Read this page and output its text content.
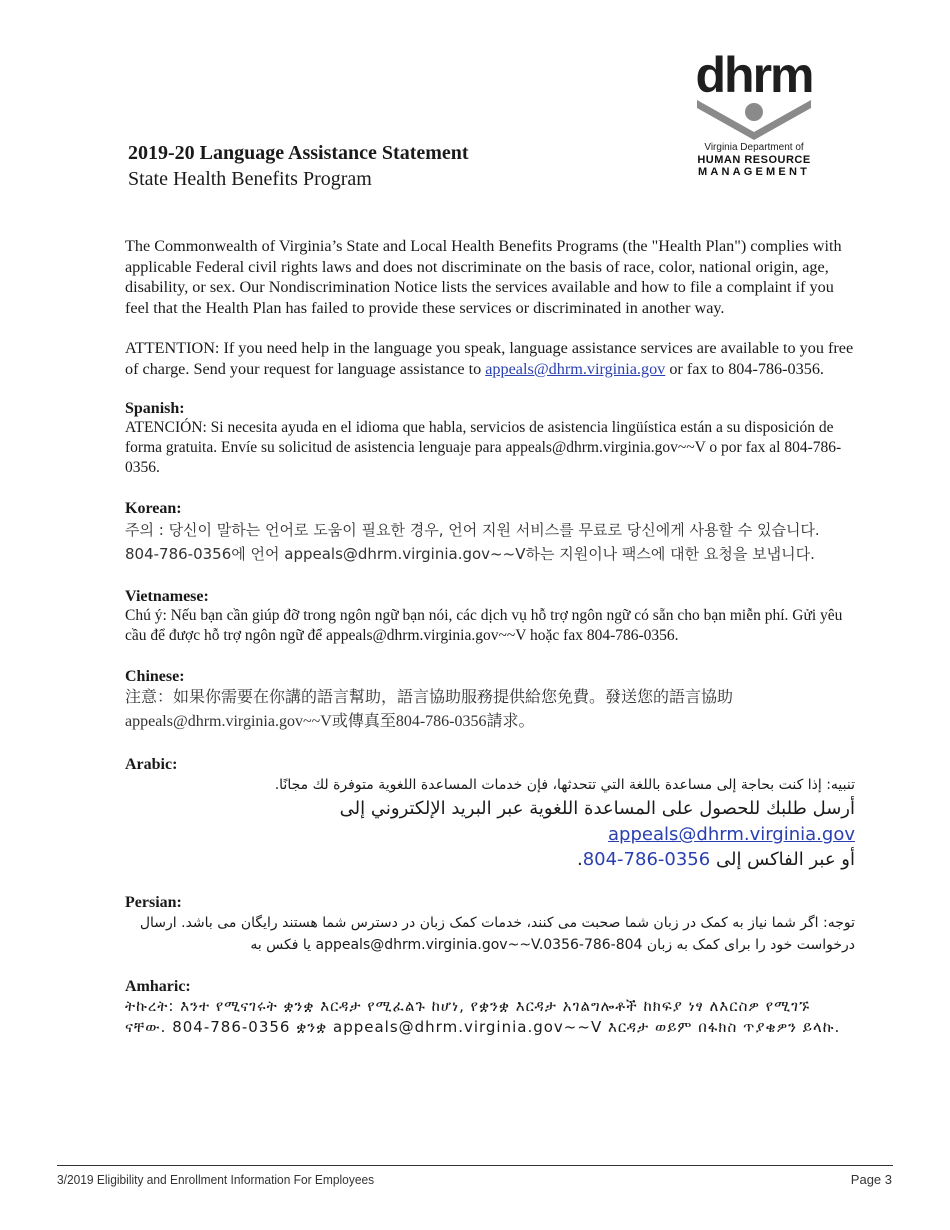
dhrm
Virginia Department of
HUMAN RESOURCE
MANAGEMENT
2019-20 Language Assistance Statement
State Health Benefits Program

The Commonwealth of Virginia’s State and Local Health Benefits Programs (the "Health Plan") complies with applicable Federal civil rights laws and does not discriminate on the basis of race, color, national origin, age, disability, or sex. Our Nondiscrimination Notice lists the services available and how to file a complaint if you feel that the Health Plan has failed to provide these services or discriminated in another way.

ATTENTION: If you need help in the language you speak, language assistance services are available to you free of charge. Send your request for language assistance to appeals@dhrm.virginia.gov or fax to 804-786-0356.

Spanish:

ATENCIÓN: Si necesita ayuda en el idioma que habla, servicios de asistencia lingüística están a su disposición de forma gratuita. Envíe su solicitud de asistencia lenguaje para appeals@dhrm.virginia.gov~~V o por fax al 804-786-0356.

Korean:

주의 : 당신이 말하는 언어로 도움이 필요한 경우, 언어 지원 서비스를 무료로 당신에게 사용할 수 있습니다. 804-786-0356에 언어 appeals@dhrm.virginia.gov~~V하는 지원이나 팩스에 대한 요청을 보냅니다.

Vietnamese:

Chú ý: Nếu bạn cần giúp đỡ trong ngôn ngữ bạn nói, các dịch vụ hỗ trợ ngôn ngữ có sẵn cho bạn miễn phí. Gửi yêu cầu để được hỗ trợ ngôn ngữ để appeals@dhrm.virginia.gov~~V hoặc fax 804-786-0356.

Chinese:

注意：如果你需要在你講的語言幫助，語言協助服務提供給您免費。發送您的語言協助appeals@dhrm.virginia.gov~~V或傳真至804-786-0356請求。

Arabic:

تنبيه: إذا كنت بحاجة إلى مساعدة باللغة التي تتحدثها، فإن خدمات المساعدة اللغوية متوفرة لك مجانًا.

أرسل طلبك للحصول على المساعدة اللغوية عبر البريد الإلكتروني إلى appeals@dhrm.virginia.gov

أو عبر الفاكس إلى 804-786-0356.

Persian:

توجه: اگر شما نیاز به کمک در زبان شما صحبت می کنند، خدمات کمک زبان در دسترس شما هستند رایگان می باشد. ارسال

درخواست خود را برای کمک به زبان appeals@dhrm.virginia.gov~~V.0356-786-804 یا فکس به

Amharic:

ትኩረት: እንተ የሚናገሩት ቋንቋ እርዳታ የሚፈልጉ ከሆነ, የቋንቋ እርዳታ አገልግሎቶች ከክፍያ ነፃ ለእርስዎ የሚገኙ ናቸው. 804-786-0356 ቋንቋ appeals@dhrm.virginia.gov~~V እርዳታ ወይም በፋክስ ጥያቄዎን ይላኩ.

3/2019 Eligibility and Enrollment Information For Employees	Page 3
